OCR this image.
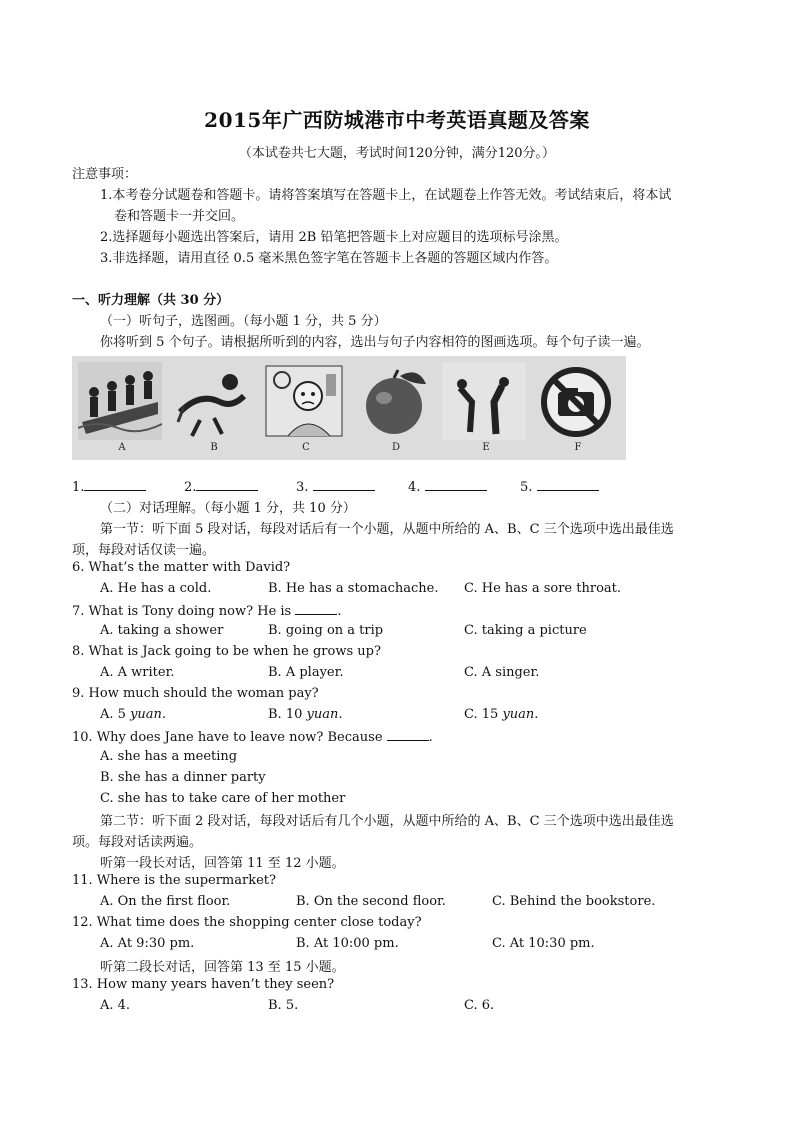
2015年广西防城港市中考英语真题及答案
（本试卷共七大题，考试时间120分钟，满分120分。）
注意事项：
1.本考卷分试题卷和答题卡。请将答案填写在答题卡上，在试题卷上作答无效。考试结束后，将本试
卷和答题卡一并交回。
2.选择题每小题选出答案后，请用 2B 铅笔把答题卡上对应题目的选项标号涂黑。
3.非选择题，请用直径 0.5 毫米黑色签字笔在答题卡上各题的答题区域内作答。
一、听力理解（共 30 分）
（一）听句子，选图画。（每小题 1 分，共 5 分）
你将听到 5 个句子。请根据所听到的内容，选出与句子内容相符的图画选项。每个句子读一遍。
A	B	C	D	E	F
1.	2.	3.	4.	5.
（二）对话理解。（每小题 1 分，共 10 分）
第一节：听下面 5 段对话，每段对话后有一个小题，从题中所给的 A、B、C 三个选项中选出最佳选
项，每段对话仅读一遍。
6. What’s the matter with David?
A. He has a cold.	B. He has a stomachache. C. He has a sore throat.
7. What is Tony doing now? He is	.
A. taking a shower	B. going on a trip	C. taking a picture
8. What is Jack going to be when he grows up?
A. A writer.	B. A player.	C. A singer.
9. How much should the woman pay?
A. 5 yuan.	B. 10 yuan.	C. 15 yuan.
10. Why does Jane have to leave now? Because	.
A. she has a meeting
B. she has a dinner party
C. she has to take care of her mother
第二节：听下面 2 段对话，每段对话后有几个小题，从题中所给的 A、B、C 三个选项中选出最佳选
项。每段对话读两遍。
听第一段长对话，回答第 11 至 12 小题。
11. Where is the supermarket?
A. On the first floor.	B. On the second floor.	C. Behind the bookstore.
12. What time does the shopping center close today?
A. At 9:30 pm.	B. At 10:00 pm.	C. At 10:30 pm.
听第二段长对话，回答第 13 至 15 小题。
13. How many years haven’t they seen?
A. 4.	B. 5.	C. 6.
